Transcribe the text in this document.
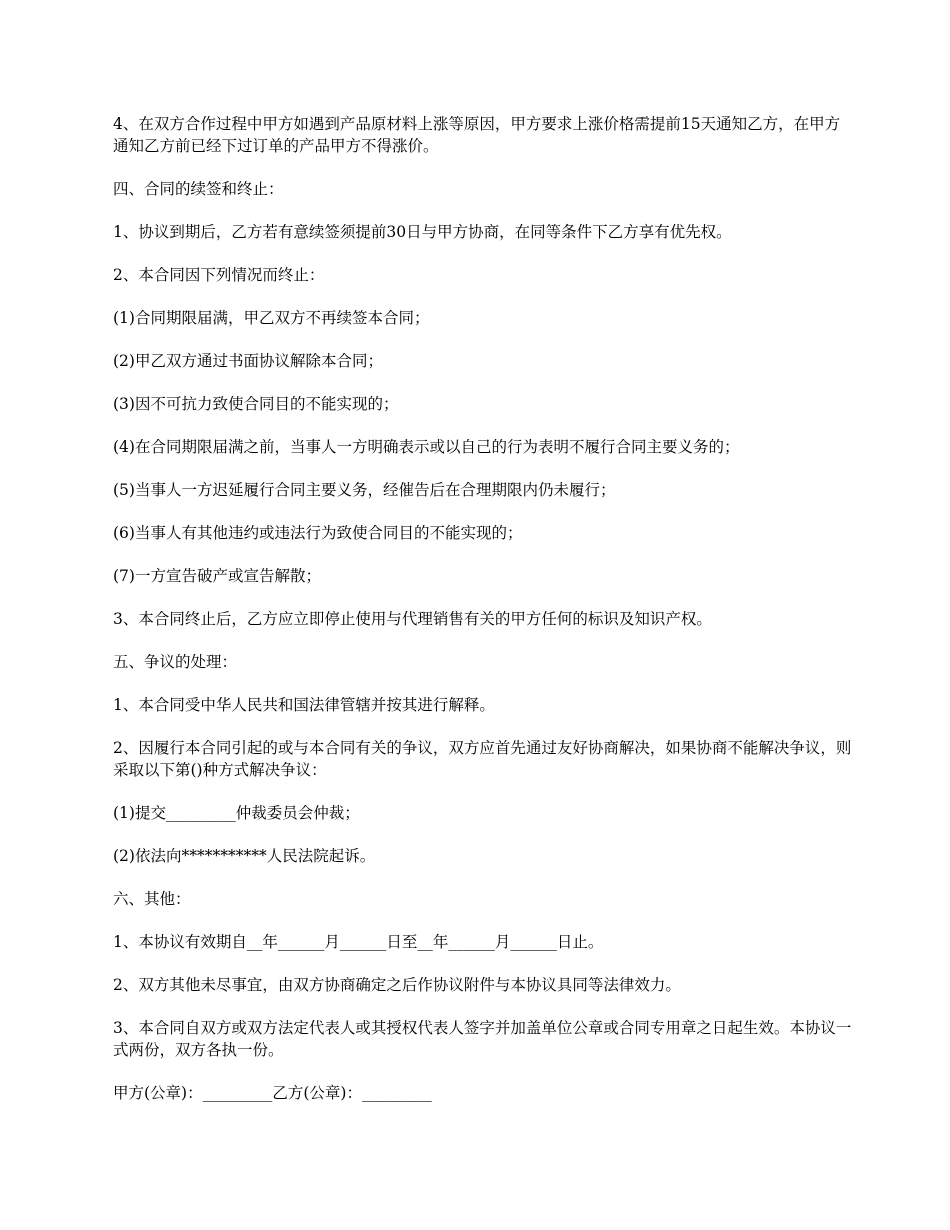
4、在双方合作过程中甲方如遇到产品原材料上涨等原因，甲方要求上涨价格需提前15天通知乙方，在甲方通知乙方前已经下过订单的产品甲方不得涨价。

四、合同的续签和终止：

1、协议到期后，乙方若有意续签须提前30日与甲方协商，在同等条件下乙方享有优先权。

2、本合同因下列情况而终止：

(1)合同期限届满，甲乙双方不再续签本合同；

(2)甲乙双方通过书面协议解除本合同；

(3)因不可抗力致使合同目的不能实现的；

(4)在合同期限届满之前，当事人一方明确表示或以自己的行为表明不履行合同主要义务的；

(5)当事人一方迟延履行合同主要义务，经催告后在合理期限内仍未履行；

(6)当事人有其他违约或违法行为致使合同目的不能实现的；

(7)一方宣告破产或宣告解散；

3、本合同终止后，乙方应立即停止使用与代理销售有关的甲方任何的标识及知识产权。

五、争议的处理：

1、本合同受中华人民共和国法律管辖并按其进行解释。

2、因履行本合同引起的或与本合同有关的争议，双方应首先通过友好协商解决，如果协商不能解决争议，则采取以下第()种方式解决争议：

(1)提交_________仲裁委员会仲裁；

(2)依法向***********人民法院起诉。

六、其他：

1、本协议有效期自__年______月______日至__年______月______日止。

2、双方其他未尽事宜，由双方协商确定之后作协议附件与本协议具同等法律效力。

3、本合同自双方或双方法定代表人或其授权代表人签字并加盖单位公章或合同专用章之日起生效。本协议一式两份，双方各执一份。

甲方(公章)：_________乙方(公章)：_________
